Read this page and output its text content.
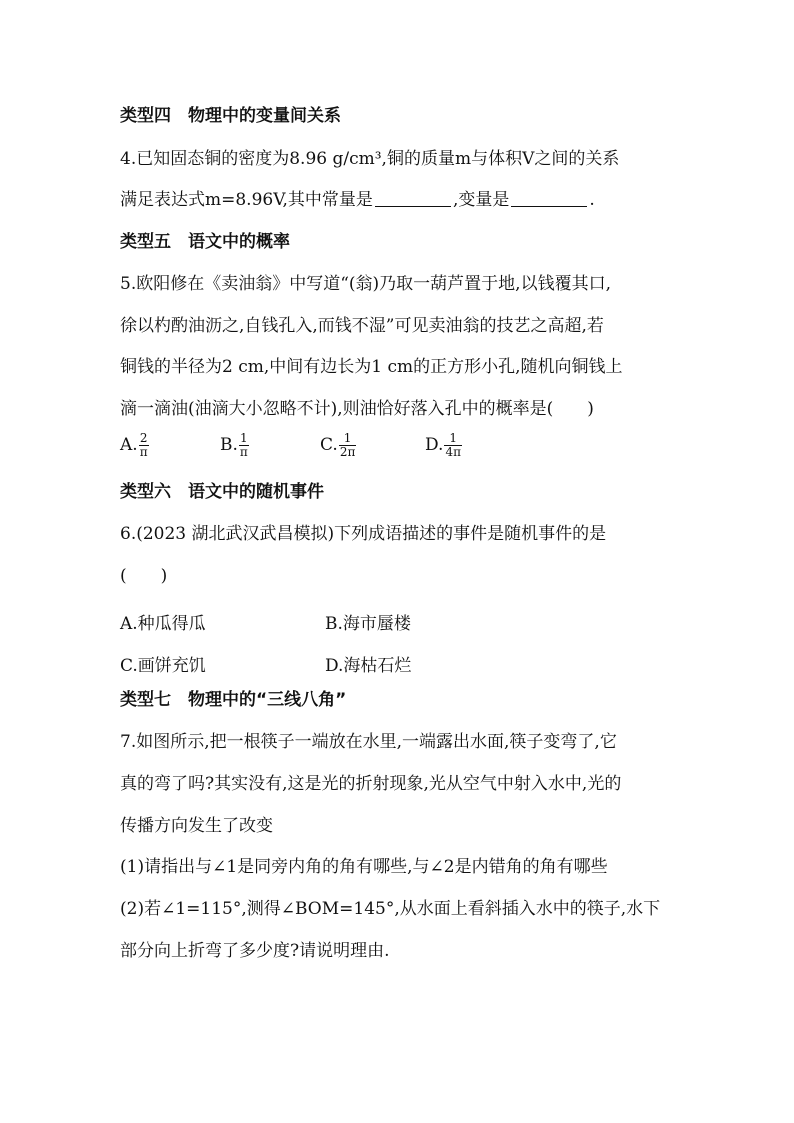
类型四　物理中的变量间关系
4.已知固态铜的密度为8.96 g/cm³,铜的质量m与体积V之间的关系
满足表达式m=8.96V,其中常量是	,变量是	.
类型五　语文中的概率
5.欧阳修在《卖油翁》中写道“(翁)乃取一葫芦置于地,以钱覆其口,
徐以杓酌油沥之,自钱孔入,而钱不湿”可见卖油翁的技艺之高超,若
铜钱的半径为2 cm,中间有边长为1 cm的正方形小孔,随机向铜钱上
滴一滴油(油滴大小忽略不计),则油恰好落入孔中的概率是(　　)
A. $\frac{2}{\pi}$	B. $\frac{1}{\pi}$	C. $\frac{1}{2\pi}$	D. $\frac{1}{4\pi}$
类型六　语文中的随机事件
6.(2023 湖北武汉武昌模拟)下列成语描述的事件是随机事件的是
(　　)
A.种瓜得瓜	B.海市蜃楼
C.画饼充饥	D.海枯石烂
类型七　物理中的“三线八角”
7.如图所示,把一根筷子一端放在水里,一端露出水面,筷子变弯了,它
真的弯了吗?其实没有,这是光的折射现象,光从空气中射入水中,光的
传播方向发生了改变
(1)请指出与∠1是同旁内角的角有哪些,与∠2是内错角的角有哪些
(2)若∠1=115°,测得∠BOM=145°,从水面上看斜插入水中的筷子,水下
部分向上折弯了多少度?请说明理由.
